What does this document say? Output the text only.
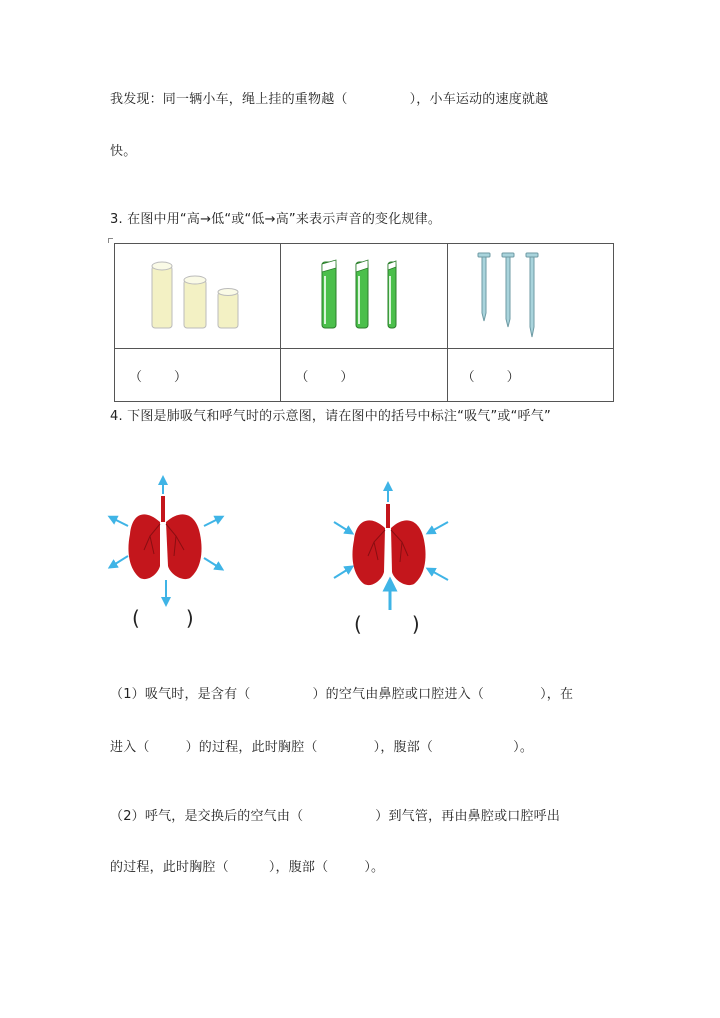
我发现：同一辆小车，绳上挂的重物越（	），小车运动的速度就越
快。
3. 在图中用“高→低“或“低→高”来表示声音的变化规律。

（ ）	（ ）	（ ）
4. 下图是肺吸气和呼气时的示意图，请在图中的括号中标注“吸气”或“呼气”
( )	(	)
（1）吸气时，是含有（	）的空气由鼻腔或口腔进入（	），在
进入（	）的过程，此时胸腔（	），腹部（	）。
（2）呼气，是交换后的空气由（	）到气管，再由鼻腔或口腔呼出
的过程，此时胸腔（	），腹部（	）。
